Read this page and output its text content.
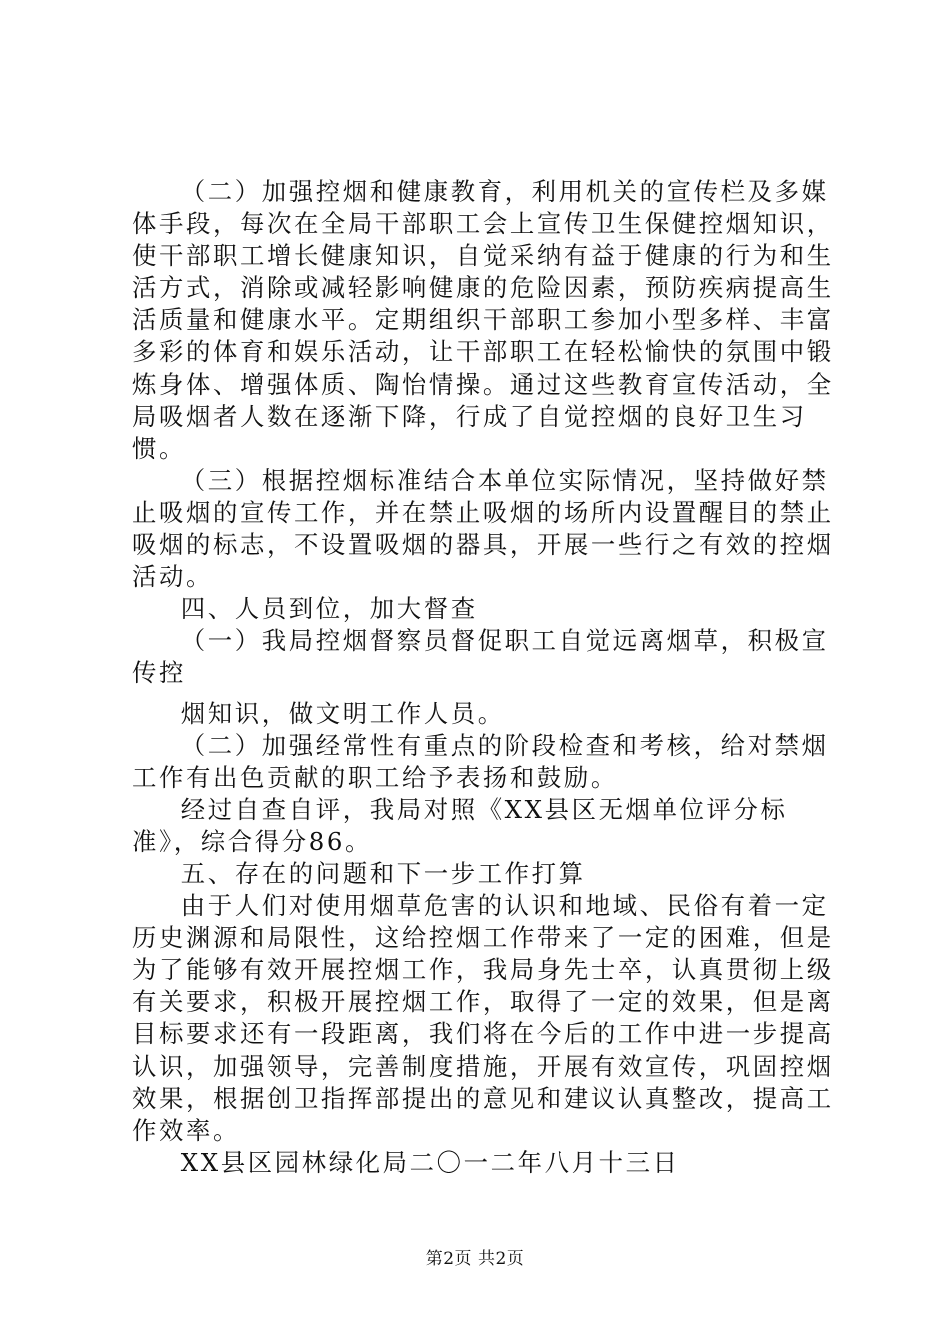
（二）加强控烟和健康教育，利用机关的宣传栏及多媒体手段，每次在全局干部职工会上宣传卫生保健控烟知识，使干部职工增长健康知识，自觉采纳有益于健康的行为和生活方式，消除或减轻影响健康的危险因素，预防疾病提高生活质量和健康水平。定期组织干部职工参加小型多样、丰富多彩的体育和娱乐活动，让干部职工在轻松愉快的氛围中锻炼身体、增强体质、陶怡情操。通过这些教育宣传活动，全局吸烟者人数在逐渐下降，行成了自觉控烟的良好卫生习惯。

（三）根据控烟标准结合本单位实际情况，坚持做好禁止吸烟的宣传工作，并在禁止吸烟的场所内设置醒目的禁止吸烟的标志，不设置吸烟的器具，开展一些行之有效的控烟活动。

四、人员到位，加大督查

（一）我局控烟督察员督促职工自觉远离烟草，积极宣传控

烟知识，做文明工作人员。

（二）加强经常性有重点的阶段检查和考核，给对禁烟工作有出色贡献的职工给予表扬和鼓励。

经过自查自评，我局对照《XX县区无烟单位评分标准》，综合得分86。

五、存在的问题和下一步工作打算

由于人们对使用烟草危害的认识和地域、民俗有着一定历史渊源和局限性，这给控烟工作带来了一定的困难，但是为了能够有效开展控烟工作，我局身先士卒，认真贯彻上级有关要求，积极开展控烟工作，取得了一定的效果，但是离目标要求还有一段距离，我们将在今后的工作中进一步提高认识，加强领导，完善制度措施，开展有效宣传，巩固控烟效果，根据创卫指挥部提出的意见和建议认真整改，提高工作效率。

XX县区园林绿化局二〇一二年八月十三日

第2页 共2页
